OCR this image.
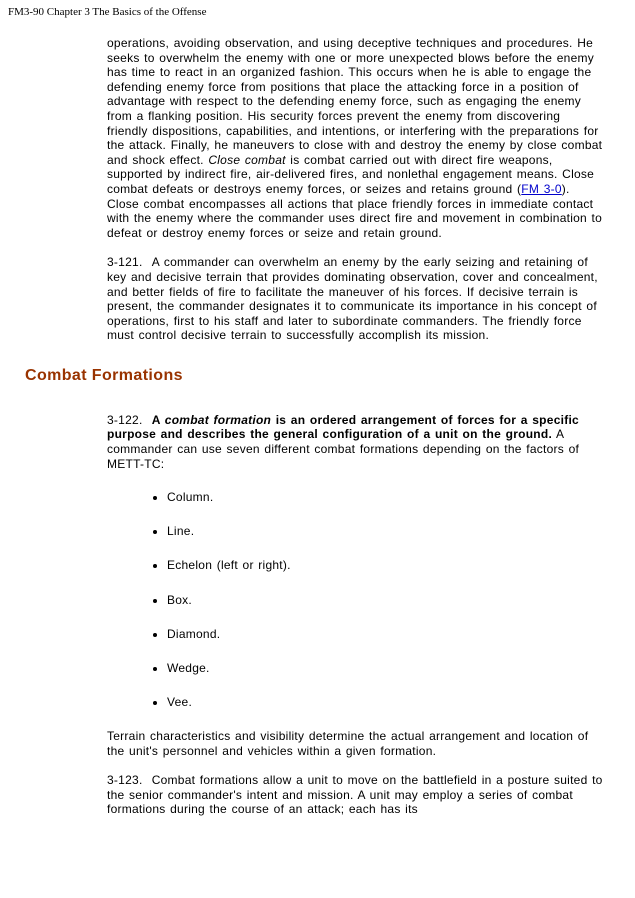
FM3-90 Chapter 3 The Basics of the Offense

operations, avoiding observation, and using deceptive techniques and procedures. He seeks to overwhelm the enemy with one or more unexpected blows before the enemy has time to react in an organized fashion. This occurs when he is able to engage the defending enemy force from positions that place the attacking force in a position of advantage with respect to the defending enemy force, such as engaging the enemy from a flanking position. His security forces prevent the enemy from discovering friendly dispositions, capabilities, and intentions, or interfering with the preparations for the attack. Finally, he maneuvers to close with and destroy the enemy by close combat and shock effect. Close combat is combat carried out with direct fire weapons, supported by indirect fire, air-delivered fires, and nonlethal engagement means. Close combat defeats or destroys enemy forces, or seizes and retains ground (FM 3-0). Close combat encompasses all actions that place friendly forces in immediate contact with the enemy where the commander uses direct fire and movement in combination to defeat or destroy enemy forces or seize and retain ground.

3-121.  A commander can overwhelm an enemy by the early seizing and retaining of key and decisive terrain that provides dominating observation, cover and concealment, and better fields of fire to facilitate the maneuver of his forces. If decisive terrain is present, the commander designates it to communicate its importance in his concept of operations, first to his staff and later to subordinate commanders. The friendly force must control decisive terrain to successfully accomplish its mission.

Combat Formations

3-122.  A combat formation is an ordered arrangement of forces for a specific purpose and describes the general configuration of a unit on the ground. A commander can use seven different combat formations depending on the factors of METT-TC:

• Column.
• Line.
• Echelon (left or right).
• Box.
• Diamond.
• Wedge.
• Vee.

Terrain characteristics and visibility determine the actual arrangement and location of the unit's personnel and vehicles within a given formation.

3-123.  Combat formations allow a unit to move on the battlefield in a posture suited to the senior commander's intent and mission. A unit may employ a series of combat formations during the course of an attack; each has its
